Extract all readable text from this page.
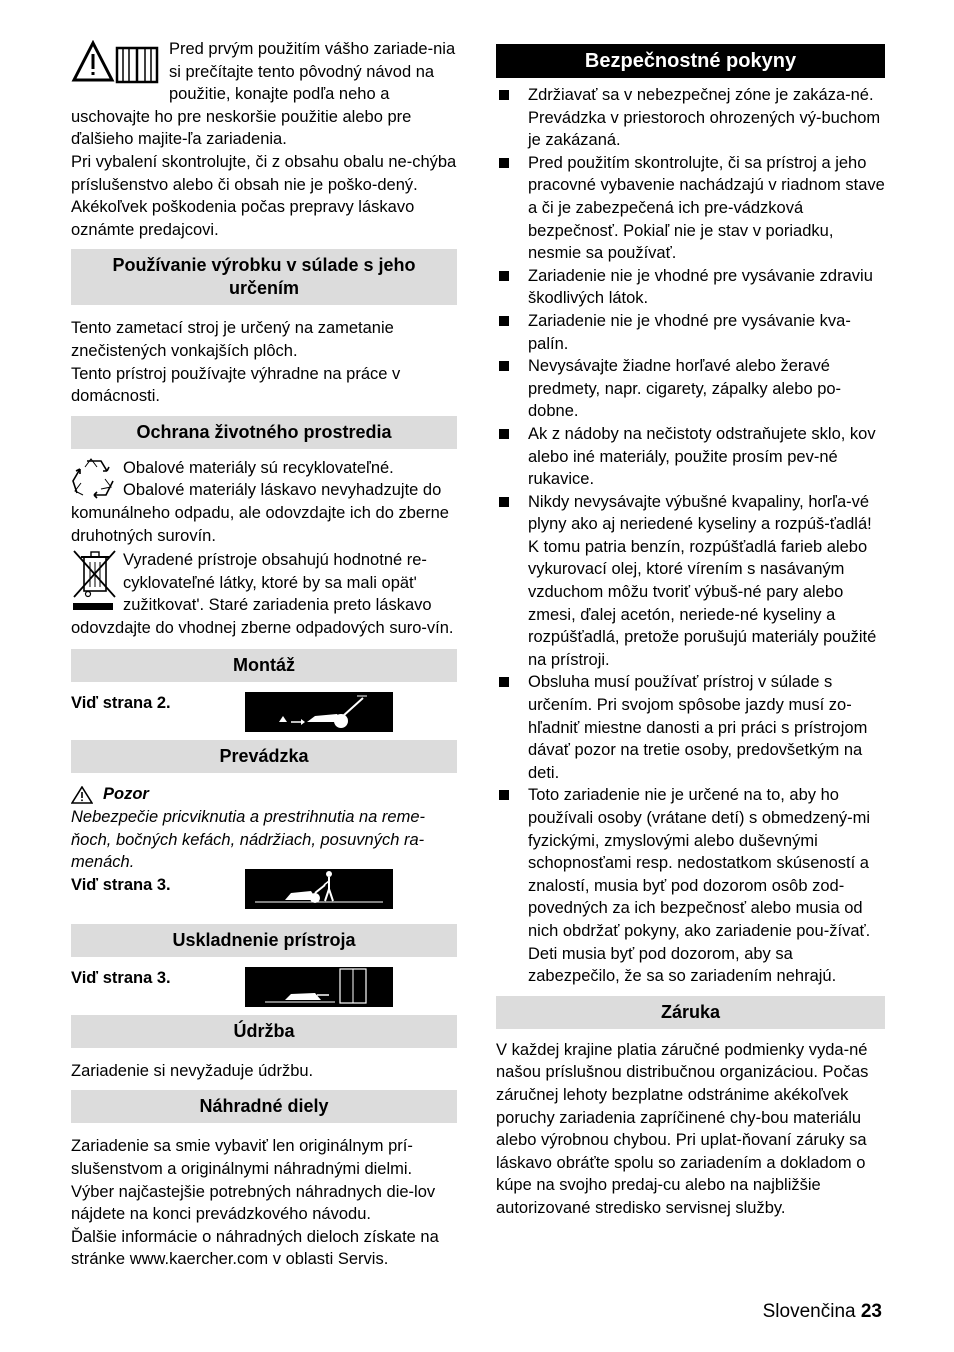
Pred prvým použitím vášho zariade-nia si prečítajte tento pôvodný návod na použitie, konajte podľa neho a uschovajte ho pre neskoršie použitie alebo pre ďalšieho majite-ľa zariadenia.

Pri vybalení skontrolujte, či z obsahu obalu ne-chýba príslušenstvo alebo či obsah nie je poško-dený. Akékoľvek poškodenia počas prepravy láskavo oznámte predajcovi.

Používanie výrobku v súlade s jeho určením

Tento zametací stroj je určený na zametanie znečistených vonkajších plôch.

Tento prístroj používajte výhradne na práce v domácnosti.

Ochrana životného prostredia

Obalové materiály sú recyklovateľné. Obalové materiály láskavo nevyhadzujte do komunálneho odpadu, ale odovzdajte ich do zberne druhotných surovín.

Vyradené prístroje obsahujú hodnotné re-cyklovateľné látky, ktoré by sa mali opät' zužitkovat'. Staré zariadenia preto láskavo odovzdajte do vhodnej zberne odpadových suro-vín.

Montáž
Viď strana 2.
Prevádzka
Pozor

Nebezpečie pricviknutia a prestrihnutia na reme-ňoch, bočných kefách, nádržiach, posuvných ra-menách.

Viď strana 3.
Uskladnenie prístroja
Viď strana 3.
Údržba

Zariadenie si nevyžaduje údržbu.

Náhradné diely

Zariadenie sa smie vybaviť len originálnym prí-slušenstvom a originálnymi náhradnými dielmi. Výber najčastejšie potrebných náhradnych die-lov nájdete na konci prevádzkového návodu.

Ďalšie informácie o náhradných dieloch získate na stránke www.kaercher.com v oblasti Servis.

Bezpečnostné pokyny
Zdržiavať sa v nebezpečnej zóne je zakáza-né. Prevádzka v priestoroch ohrozených vý-buchom je zakázaná.
Pred použitím skontrolujte, či sa prístroj a jeho pracovné vybavenie nachádzajú v riadnom stave a či je zabezpečená ich pre-vádzková bezpečnosť. Pokiaľ nie je stav v poriadku, nesmie sa používať.
Zariadenie nie je vhodné pre vysávanie zdraviu škodlivých látok.
Zariadenie nie je vhodné pre vysávanie kva-palín.
Nevysávajte žiadne horľavé alebo žeravé predmety, napr. cigarety, zápalky alebo po-dobne.
Ak z nádoby na nečistoty odstraňujete sklo, kov alebo iné materiály, použite prosím pev-né rukavice.
Nikdy nevysávajte výbušné kvapaliny, horľa-vé plyny ako aj neriedené kyseliny a rozpúš-ťadlá! K tomu patria benzín, rozpúšťadlá farieb alebo vykurovací olej, ktoré vírením s nasávaným vzduchom môžu tvoriť výbuš-né pary alebo zmesi, ďalej acetón, neriede-né kyseliny a rozpúšťadlá, pretože porušujú materiály použité na prístroji.
Obsluha musí používať prístroj v súlade s určením. Pri svojom spôsobe jazdy musí zo-hľadniť miestne danosti a pri práci s prístrojom dávať pozor na tretie osoby, predovšetkým na deti.
Toto zariadenie nie je určené na to, aby ho používali osoby (vrátane detí) s obmedzený-mi fyzickými, zmyslovými alebo duševnými schopnosťami resp. nedostatkom skúseností a znalostí, musia byť pod dozorom osôb zod-povedných za ich bezpečnosť alebo musia od nich obdržať pokyny, ako zariadenie pou-žívať. Deti musia byť pod dozorom, aby sa zabezpečilo, že sa so zariadením nehrajú.
Záruka

V každej krajine platia záručné podmienky vyda-né našou príslušnou distribučnou organizáciou. Počas záručnej lehoty bezplatne odstránime akékoľvek poruchy zariadenia zapríčinené chy-bou materiálu alebo výrobnou chybou. Pri uplat-ňovaní záruky sa láskavo obráťte spolu so zariadením a dokladom o kúpe na svojho predaj-cu alebo na najbližšie autorizované stredisko servisnej služby.

Slovenčina 23
